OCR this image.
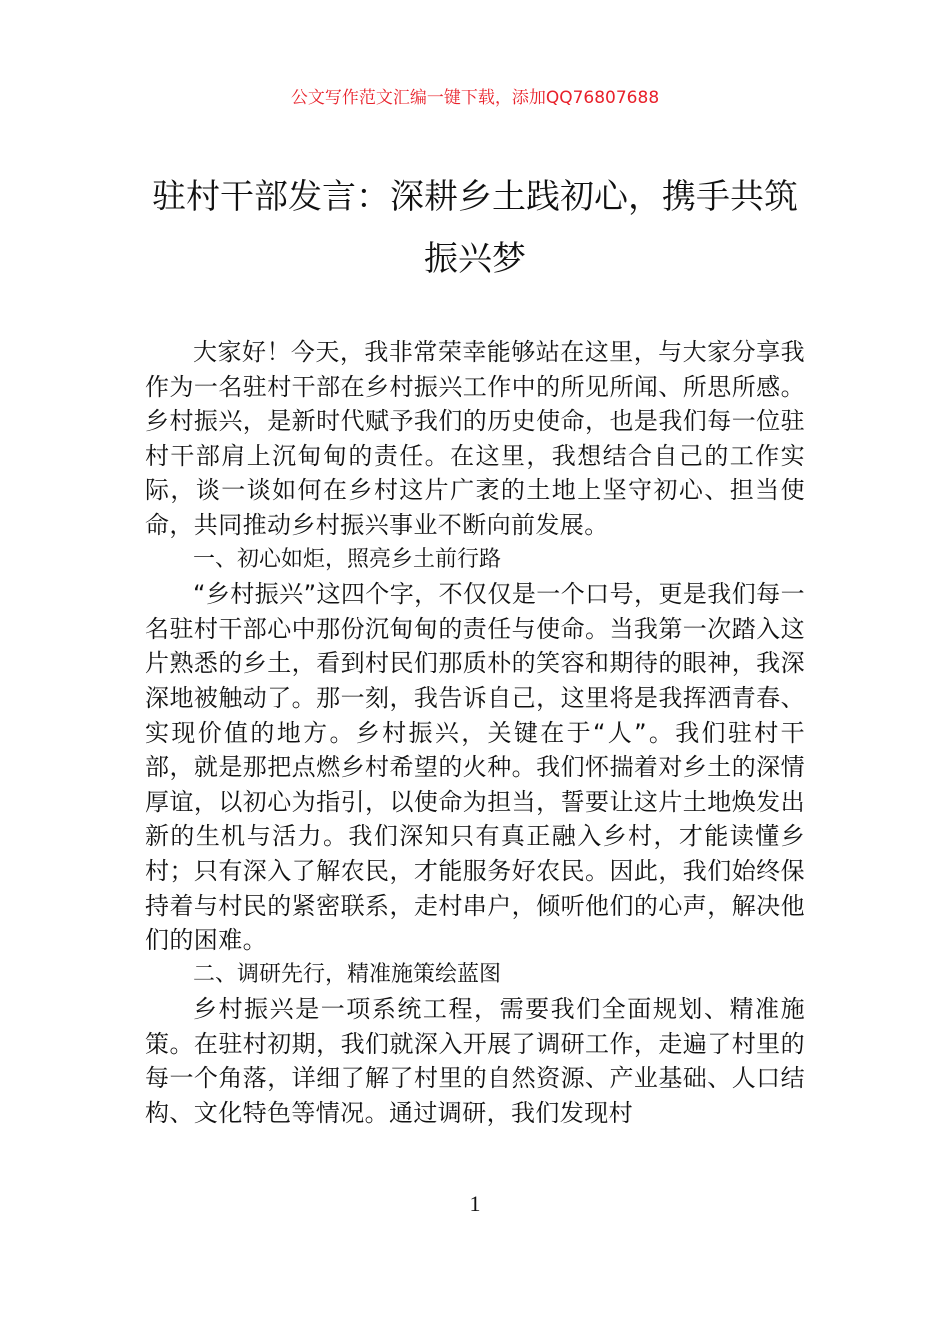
公文写作范文汇编一键下载，添加QQ76807688
驻村干部发言：深耕乡土践初心，携手共筑振兴梦

大家好！今天，我非常荣幸能够站在这里，与大家分享我作为一名驻村干部在乡村振兴工作中的所见所闻、所思所感。乡村振兴，是新时代赋予我们的历史使命，也是我们每一位驻村干部肩上沉甸甸的责任。在这里，我想结合自己的工作实际，谈一谈如何在乡村这片广袤的土地上坚守初心、担当使命，共同推动乡村振兴事业不断向前发展。

一、初心如炬，照亮乡土前行路

“乡村振兴”这四个字，不仅仅是一个口号，更是我们每一名驻村干部心中那份沉甸甸的责任与使命。当我第一次踏入这片熟悉的乡土，看到村民们那质朴的笑容和期待的眼神，我深深地被触动了。那一刻，我告诉自己，这里将是我挥洒青春、实现价值的地方。乡村振兴，关键在于“人”。我们驻村干部，就是那把点燃乡村希望的火种。我们怀揣着对乡土的深情厚谊，以初心为指引，以使命为担当，誓要让这片土地焕发出新的生机与活力。我们深知只有真正融入乡村，才能读懂乡村；只有深入了解农民，才能服务好农民。因此，我们始终保持着与村民的紧密联系，走村串户，倾听他们的心声，解决他们的困难。

二、调研先行，精准施策绘蓝图

乡村振兴是一项系统工程，需要我们全面规划、精准施策。在驻村初期，我们就深入开展了调研工作，走遍了村里的每一个角落，详细了解了村里的自然资源、产业基础、人口结构、文化特色等情况。通过调研，我们发现村

1
